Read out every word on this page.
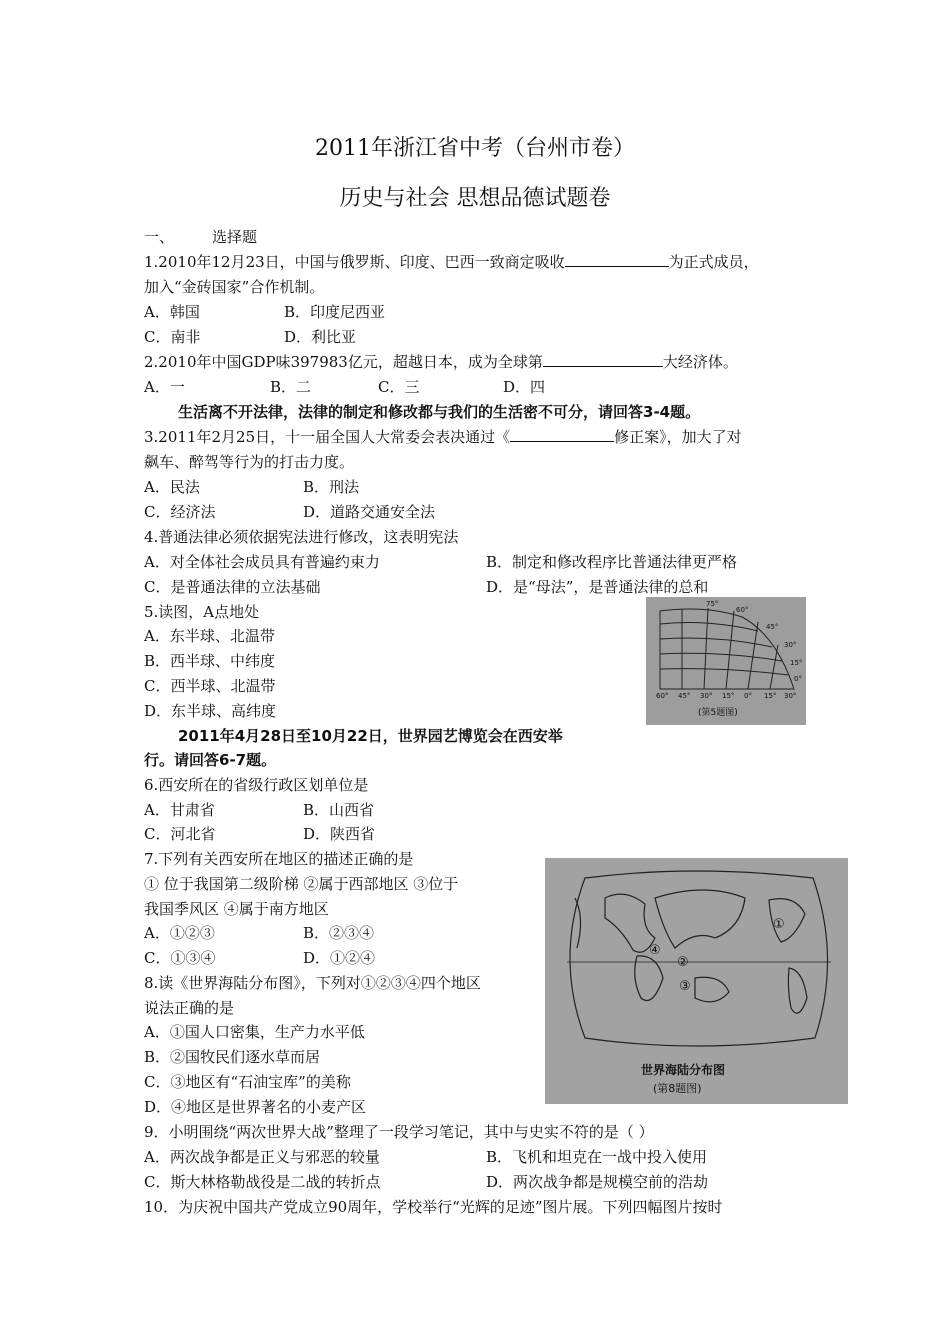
2011年浙江省中考（台州市卷）
历史与社会 思想品德试题卷
一、	选择题
1.2010年12月23日，中国与俄罗斯、印度、巴西一致商定吸收	为正式成员，
加入“金砖国家”合作机制。
A．韩国	B．印度尼西亚
C．南非	D．利比亚
2.2010年中国GDP味397983亿元，超越日本，成为全球第	大经济体。
A．一	B．二	C．三	D．四
生活离不开法律，法律的制定和修改都与我们的生活密不可分，请回答3-4题。
3.2011年2月25日，十一届全国人大常委会表决通过《	修正案》，加大了对
飙车、醉驾等行为的打击力度。
A．民法	B．刑法
C．经济法	D．道路交通安全法
4.普通法律必须依据宪法进行修改，这表明宪法
A．对全体社会成员具有普遍约束力	B．制定和修改程序比普通法律更严格
C．是普通法律的立法基础	D．是“母法”，是普通法律的总和
5.读图，A点地处
A．东半球、北温带
B．西半球、中纬度
C．西半球、北温带
D．东半球、高纬度
75°
60°
45°
30°
15°
0°
60° 45° 30° 15° 0° 15° 30°
(第5题图)
2011年4月28日至10月22日，世界园艺博览会在西安举
行。请回答6-7题。
6.西安所在的省级行政区划单位是
A．甘肃省	B．山西省
C．河北省	D．陕西省
7.下列有关西安所在地区的描述正确的是
① 位于我国第二级阶梯 ②属于西部地区 ③位于
我国季风区 ④属于南方地区
A．①②③	B．②③④
C．①③④	D．①②④
8.读《世界海陆分布图》，下列对①②③④四个地区
说法正确的是
A．①国人口密集，生产力水平低
B．②国牧民们逐水草而居
C．③地区有“石油宝库”的美称
D．④地区是世界著名的小麦产区
①
②
③
④
世界海陆分布图
(第8题图)
9．小明围绕“两次世界大战”整理了一段学习笔记，其中与史实不符的是（ ）
A．两次战争都是正义与邪恶的较量	B．飞机和坦克在一战中投入使用
C．斯大林格勒战役是二战的转折点	D．两次战争都是规模空前的浩劫
10．为庆祝中国共产党成立90周年，学校举行“光辉的足迹”图片展。下列四幅图片按时
